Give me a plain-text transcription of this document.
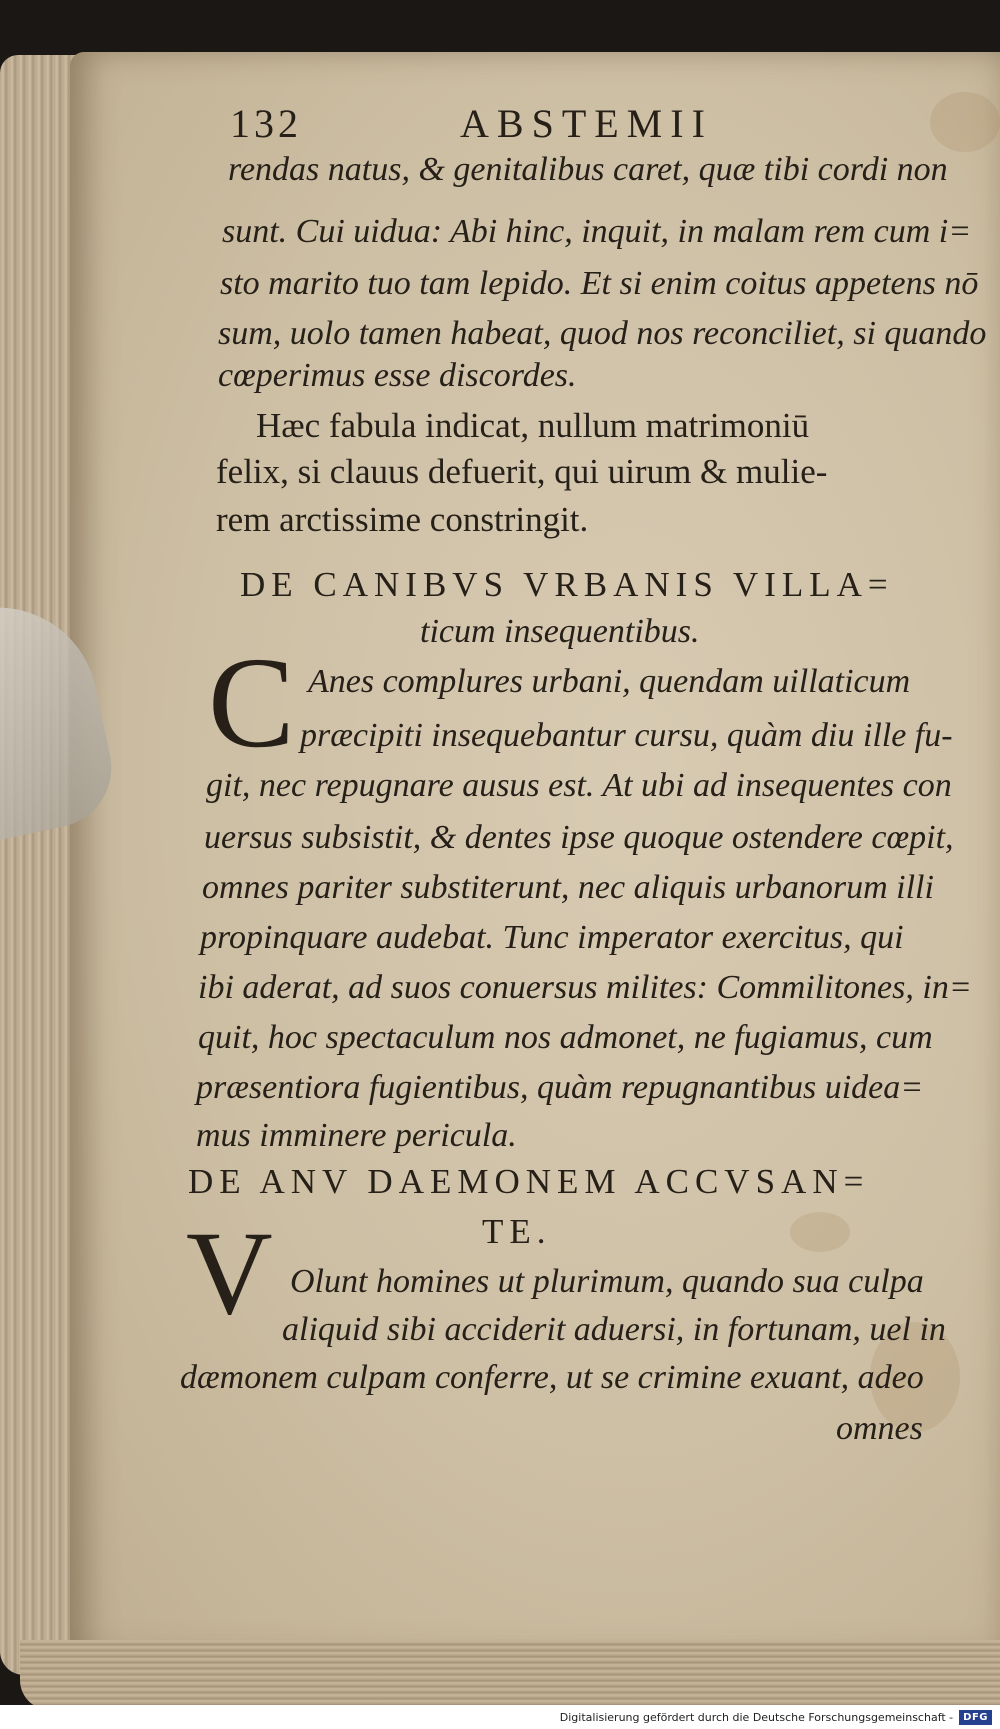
132	ABSTEMII
rendas natus, & genitalibus caret, quæ tibi cordi non
sunt. Cui uidua: Abi hinc, inquit, in malam rem cum i=
sto marito tuo tam lepido. Et si enim coitus appetens nō
sum, uolo tamen habeat, quod nos reconciliet, si quando
cœperimus esse discordes.
Hæc fabula indicat, nullum matrimoniū
felix, si clauus defuerit, qui uirum & mulie-
rem arctissime constringit.
DE CANIBVS VRBANIS VILLA=
ticum insequentibus.
C Anes complures urbani, quendam uillaticum
præcipiti insequebantur cursu, quàm diu ille fu-
git, nec repugnare ausus est. At ubi ad insequentes con
uersus subsistit, & dentes ipse quoque ostendere cœpit,
omnes pariter substiterunt, nec aliquis urbanorum illi
propinquare audebat. Tunc imperator exercitus, qui
ibi aderat, ad suos conuersus milites: Commilitones, in=
quit, hoc spectaculum nos admonet, ne fugiamus, cum
præsentiora fugientibus, quàm repugnantibus uidea=
mus imminere pericula.
DE ANV DAEMONEM ACCVSAN=
TE.
V Olunt homines ut plurimum, quando sua culpa
aliquid sibi acciderit aduersi, in fortunam, uel in
dæmonem culpam conferre, ut se crimine exuant, adeo
omnes
Digitalisierung gefördert durch die Deutsche Forschungsgemeinschaft -	DFG
